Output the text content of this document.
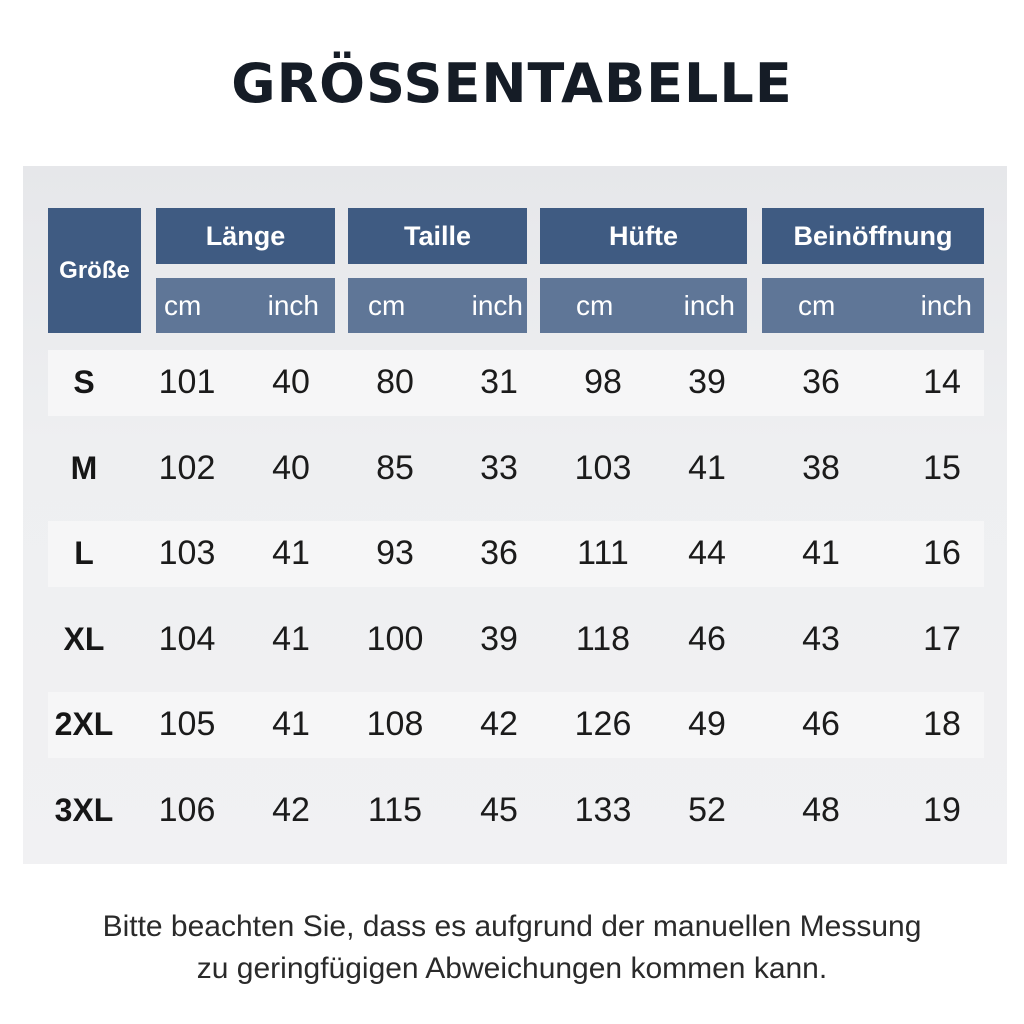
GRÖSSENTABELLE
Größe
Länge	Taille	Hüfte	Beinöffnung
cm inch cm inch cm	inch cm	inch
S	101	40	80	31	98	39	36	14
M	102	40	85	33	103	41	38	15
L	103	41	93	36	111	44	41	16
XL	104	41	100	39	118	46	43	17
2XL	105	41	108	42	126	49	46	18
3XL	106	42	115	45	133	52	48	19
Bitte beachten Sie, dass es aufgrund der manuellen Messung
zu geringfügigen Abweichungen kommen kann.
